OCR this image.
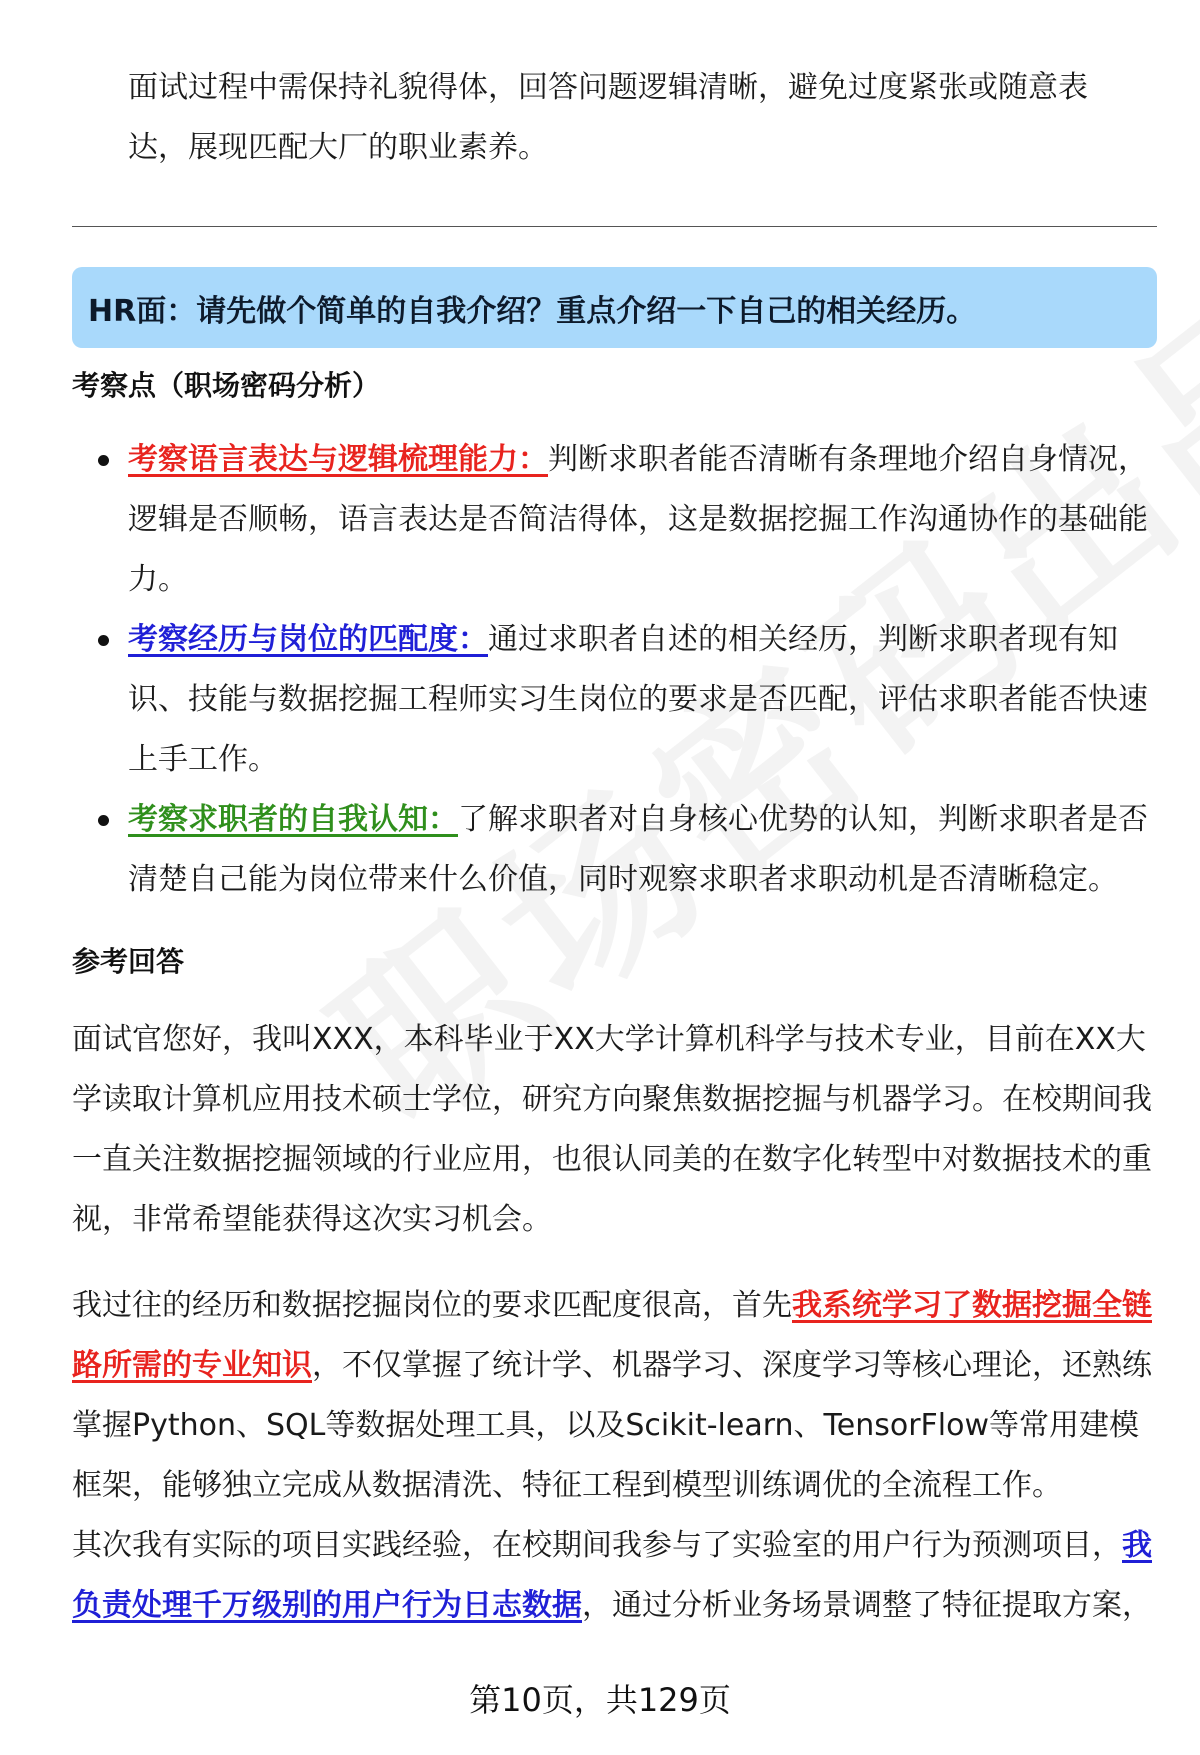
面试过程中需保持礼貌得体，回答问题逻辑清晰，避免过度紧张或随意表达，展现匹配大厂的职业素养。

HR面：请先做个简单的自我介绍？重点介绍一下自己的相关经历。
考察点（职场密码分析）
考察语言表达与逻辑梳理能力：判断求职者能否清晰有条理地介绍自身情况，逻辑是否顺畅，语言表达是否简洁得体，这是数据挖掘工作沟通协作的基础能力。
考察经历与岗位的匹配度：通过求职者自述的相关经历，判断求职者现有知识、技能与数据挖掘工程师实习生岗位的要求是否匹配，评估求职者能否快速上手工作。
考察求职者的自我认知：了解求职者对自身核心优势的认知，判断求职者是否清楚自己能为岗位带来什么价值，同时观察求职者求职动机是否清晰稳定。
参考回答

面试官您好，我叫XXX，本科毕业于XX大学计算机科学与技术专业，目前在XX大学读取计算机应用技术硕士学位，研究方向聚焦数据挖掘与机器学习。在校期间我一直关注数据挖掘领域的行业应用，也很认同美的在数字化转型中对数据技术的重视，非常希望能获得这次实习机会。

我过往的经历和数据挖掘岗位的要求匹配度很高，首先我系统学习了数据挖掘全链路所需的专业知识，不仅掌握了统计学、机器学习、深度学习等核心理论，还熟练掌握Python、SQL等数据处理工具，以及Scikit-learn、TensorFlow等常用建模框架，能够独立完成从数据清洗、特征工程到模型训练调优的全流程工作。

其次我有实际的项目实践经验，在校期间我参与了实验室的用户行为预测项目，我负责处理千万级别的用户行为日志数据，通过分析业务场景调整了特征提取方案，

第10页，共129页
